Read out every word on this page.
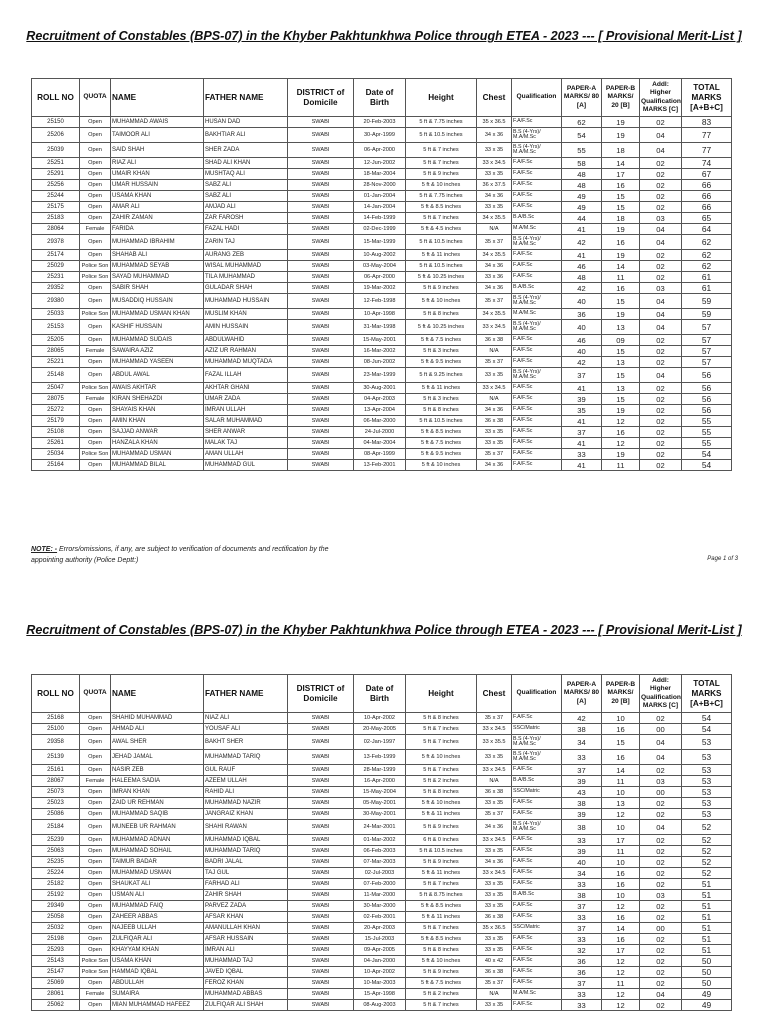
Recruitment of Constables (BPS-07) in the Khyber Pakhtunkhwa Police through ETEA - 2023 --- [ Provisional Merit-List ]
ROLL NO	QUOTA	NAME	FATHER NAME	DISTRICT of Domicile	Date of Birth	Height	Chest	Qualification	PAPER-A MARKS/ 80 [A]	PAPER-B MARKS/ 20 [B]	Addl: Higher Qualification MARKS [C]	TOTAL MARKS [A+B+C]
25150	Open	MUHAMMAD AWAIS	HUSAN DAD	SWABI	20-Feb-2003	5 ft & 7.75 inches	35 x 36.5	F.A/F.Sc	62	19	02	83
25206	Open	TAIMOOR ALI	BAKHTIAR ALI	SWABI	30-Apr-1999	5 ft & 10.5 inches	34 x 36	B.S (4-Yrs)/ M.A/M.Sc	54	19	04	77
25039	Open	SAID SHAH	SHER ZADA	SWABI	06-Apr-2000	5 ft & 7 inches	33 x 35	B.S (4-Yrs)/ M.A/M.Sc	55	18	04	77
25251	Open	RIAZ ALI	SHAD ALI KHAN	SWABI	12-Jun-2002	5 ft & 7 inches	33 x 34.5	F.A/F.Sc	58	14	02	74
25291	Open	UMAIR KHAN	MUSHTAQ ALI	SWABI	18-Mar-2004	5 ft & 9 inches	33 x 35	F.A/F.Sc	48	17	02	67
25256	Open	UMAR HUSSAIN	SABZ ALI	SWABI	28-Nov-2000	5 ft & 10 inches	36 x 37.5	F.A/F.Sc	48	16	02	66
25244	Open	USAMA KHAN	SABZ ALI	SWABI	01-Jan-2004	5 ft & 7.75 inches	34 x 36	F.A/F.Sc	49	15	02	66
25175	Open	AMAR ALI	AMJAD ALI	SWABI	14-Jan-2004	5 ft & 8.5 inches	33 x 35	F.A/F.Sc	49	15	02	66
25183	Open	ZAHIR ZAMAN	ZAR FAROSH	SWABI	14-Feb-1999	5 ft & 7 inches	34 x 35.5	B.A/B.Sc	44	18	03	65
28064	Female	FARIDA	FAZAL HADI	SWABI	02-Dec-1999	5 ft & 4.5 inches	N/A	M.A/M.Sc	41	19	04	64
29378	Open	MUHAMMAD IBRAHIM	ZARIN TAJ	SWABI	15-Mar-1999	5 ft & 10.5 inches	35 x 37	B.S (4-Yrs)/ M.A/M.Sc	42	16	04	62
25174	Open	SHAHAB ALI	AURANG ZEB	SWABI	10-Aug-2002	5 ft & 11 inches	34 x 35.5	F.A/F.Sc	41	19	02	62
25029	Police Son	MUHAMMAD SEYAB	WISAL MUHAMMAD	SWABI	03-May-2004	5 ft & 10.5 inches	34 x 36	F.A/F.Sc	46	14	02	62
25231	Police Son	SAYAD MUHAMMAD	TILA MUHAMMAD	SWABI	06-Apr-2000	5 ft & 10.25 inches	33 x 36	F.A/F.Sc	48	11	02	61
29352	Open	SABIR SHAH	GULADAR SHAH	SWABI	19-Mar-2002	5 ft & 9 inches	34 x 36	B.A/B.Sc	42	16	03	61
29380	Open	MUSADDIQ HUSSAIN	MUHAMMAD HUSSAIN	SWABI	12-Feb-1998	5 ft & 10 inches	35 x 37	B.S (4-Yrs)/ M.A/M.Sc	40	15	04	59
25033	Police Son	MUHAMMAD USMAN KHAN	MUSLIM KHAN	SWABI	10-Apr-1998	5 ft & 8 inches	34 x 35.5	M.A/M.Sc	36	19	04	59
25153	Open	KASHIF HUSSAIN	AMIN HUSSAIN	SWABI	31-Mar-1998	5 ft & 10.25 inches	33 x 34.5	B.S (4-Yrs)/ M.A/M.Sc	40	13	04	57
25205	Open	MUHAMMAD SUDAIS	ABDULWAHID	SWABI	15-May-2001	5 ft & 7.5 inches	36 x 38	F.A/F.Sc	46	09	02	57
28065	Female	SAWAIRA AZIZ	AZIZ UR RAHMAN	SWABI	16-Mar-2002	5 ft & 3 inches	N/A	F.A/F.Sc	40	15	02	57
25221	Open	MUHAMMAD YASEEN	MUHAMMAD MUQTADA	SWABI	08-Jun-2002	5 ft & 9.5 inches	35 x 37	F.A/F.Sc	42	13	02	57
25148	Open	ABDUL AWAL	FAZAL ILLAH	SWABI	23-Mar-1999	5 ft & 9.25 inches	33 x 35	B.S (4-Yrs)/ M.A/M.Sc	37	15	04	56
25047	Police Son	AWAIS AKHTAR	AKHTAR GHANI	SWABI	30-Aug-2001	5 ft & 11 inches	33 x 34.5	F.A/F.Sc	41	13	02	56
28075	Female	KIRAN SHEHAZDI	UMAR ZADA	SWABI	04-Apr-2003	5 ft & 3 inches	N/A	F.A/F.Sc	39	15	02	56
25272	Open	SHAYAIS KHAN	IMRAN ULLAH	SWABI	13-Apr-2004	5 ft & 8 inches	34 x 36	F.A/F.Sc	35	19	02	56
25179	Open	AMIN KHAN	SALAR MUHAMMAD	SWABI	06-Mar-2000	5 ft & 10.5 inches	36 x 38	F.A/F.Sc	41	12	02	55
25108	Open	SAJJAD ANWAR	SHER ANWAR	SWABI	24-Jul-2000	5 ft & 8.5 inches	33 x 35	F.A/F.Sc	37	16	02	55
25261	Open	HANZALA KHAN	MALAK TAJ	SWABI	04-Mar-2004	5 ft & 7.5 inches	33 x 35	F.A/F.Sc	41	12	02	55
25034	Police Son	MUHAMMAD USMAN	AMAN ULLAH	SWABI	08-Apr-1999	5 ft & 9.5 inches	35 x 37	F.A/F.Sc	33	19	02	54
25164	Open	MUHAMMAD BILAL	MUHAMMAD GUL	SWABI	13-Feb-2001	5 ft & 10 inches	34 x 36	F.A/F.Sc	41	11	02	54
NOTE: - Errors/omissions, if any, are subject to verification of documents and rectification by the appointing authority (Police Deptt:)	Page 1 of 3
Recruitment of Constables (BPS-07) in the Khyber Pakhtunkhwa Police through ETEA - 2023 --- [ Provisional Merit-List ]
ROLL NO	QUOTA	NAME	FATHER NAME	DISTRICT of Domicile	Date of Birth	Height	Chest	Qualification	PAPER-A MARKS/ 80 [A]	PAPER-B MARKS/ 20 [B]	Addl: Higher Qualification MARKS [C]	TOTAL MARKS [A+B+C]
25168	Open	SHAHID MUHAMMAD	NIAZ ALI	SWABI	10-Apr-2002	5 ft & 8 inches	35 x 37	F.A/F.Sc	42	10	02	54
25100	Open	AHMAD ALI	YOUSAF ALI	SWABI	20-May-2005	5 ft & 7 inches	33 x 34.5	SSC/Matric	38	16	00	54
29358	Open	AWAL SHER	BAKHT SHER	SWABI	02-Jan-1997	5 ft & 7 inches	33 x 35.5	B.S (4-Yrs)/ M.A/M.Sc	34	15	04	53
25139	Open	JEHAD JAMAL	MUHAMMAD TARIQ	SWABI	13-Feb-1999	5 ft & 10 inches	33 x 35	B.S (4-Yrs)/ M.A/M.Sc	33	16	04	53
25161	Open	NASIR ZEB	GUL RAUF	SWABI	28-Mar-1999	5 ft & 7 inches	33 x 34.5	F.A/F.Sc	37	14	02	53
28067	Female	HALEEMA SADIA	AZEEM ULLAH	SWABI	16-Apr-2000	5 ft & 2 inches	N/A	B.A/B.Sc	39	11	03	53
25073	Open	IMRAN KHAN	RAHID ALI	SWABI	15-May-2004	5 ft & 8 inches	36 x 38	SSC/Matric	43	10	00	53
25023	Open	ZAID UR REHMAN	MUHAMMAD NAZIR	SWABI	05-May-2001	5 ft & 10 inches	33 x 35	F.A/F.Sc	38	13	02	53
25086	Open	MUHAMMAD SAQIB	JANGRAIZ KHAN	SWABI	30-May-2001	5 ft & 11 inches	35 x 37	F.A/F.Sc	39	12	02	53
25184	Open	MUNEEB UR RAHMAN	SHAHI RAWAN	SWABI	24-Mar-2001	5 ft & 9 inches	34 x 36	B.S (4-Yrs)/ M.A/M.Sc	38	10	04	52
25239	Open	MUHAMMAD ADNAN	MUHAMMAD IQBAL	SWABI	01-Mar-2002	6 ft & 0 inches	33 x 34.5	F.A/F.Sc	33	17	02	52
25063	Open	MUHAMMAD SOHAIL	MUHAMMAD TARIQ	SWABI	06-Feb-2003	5 ft & 10.5 inches	33 x 35	F.A/F.Sc	39	11	02	52
25235	Open	TAIMUR BADAR	BADRI JALAL	SWABI	07-Mar-2003	5 ft & 9 inches	34 x 36	F.A/F.Sc	40	10	02	52
25224	Open	MUHAMMAD USMAN	TAJ GUL	SWABI	02-Jul-2003	5 ft & 11 inches	33 x 34.5	F.A/F.Sc	34	16	02	52
25182	Open	SHAUKAT ALI	FARHAD ALI	SWABI	07-Feb-2000	5 ft & 7 inches	33 x 35	F.A/F.Sc	33	16	02	51
25192	Open	USMAN ALI	ZAHIR SHAH	SWABI	11-Mar-2000	5 ft & 8.75 inches	33 x 35	B.A/B.Sc	38	10	03	51
29349	Open	MUHAMMAD FAIQ	PARVEZ ZADA	SWABI	30-Mar-2000	5 ft & 8.5 inches	33 x 35	F.A/F.Sc	37	12	02	51
25058	Open	ZAHEER ABBAS	AFSAR KHAN	SWABI	02-Feb-2001	5 ft & 11 inches	36 x 38	F.A/F.Sc	33	16	02	51
25032	Open	NAJEEB ULLAH	AMANULLAH KHAN	SWABI	20-Apr-2003	5 ft & 7 inches	35 x 36.5	SSC/Matric	37	14	00	51
25198	Open	ZULFIQAR ALI	AFSAR HUSSAIN	SWABI	15-Jul-2003	5 ft & 8.5 inches	33 x 35	F.A/F.Sc	33	16	02	51
25293	Open	KHAYYAM KHAN	IMRAN ALI	SWABI	09-Apr-2005	5 ft & 8 inches	33 x 35	F.A/F.Sc	32	17	02	51
25143	Police Son	USAMA KHAN	MUHAMMAD TAJ	SWABI	04-Jan-2000	5 ft & 10 inches	40 x 42	F.A/F.Sc	36	12	02	50
25147	Police Son	HAMMAD IQBAL	JAVED IQBAL	SWABI	10-Apr-2002	5 ft & 9 inches	36 x 38	F.A/F.Sc	36	12	02	50
25069	Open	ABDULLAH	FEROZ KHAN	SWABI	10-Mar-2003	5 ft & 7.5 inches	35 x 37	F.A/F.Sc	37	11	02	50
28061	Female	SUMAIRA	MUHAMMAD ABBAS	SWABI	15-Apr-1998	5 ft & 2 inches	N/A	M.A/M.Sc	33	12	04	49
25062	Open	MIAN MUHAMMAD HAFEEZ	ZULFIQAR ALI SHAH	SWABI	08-Aug-2003	5 ft & 7 inches	33 x 35	F.A/F.Sc	33	12	02	49
